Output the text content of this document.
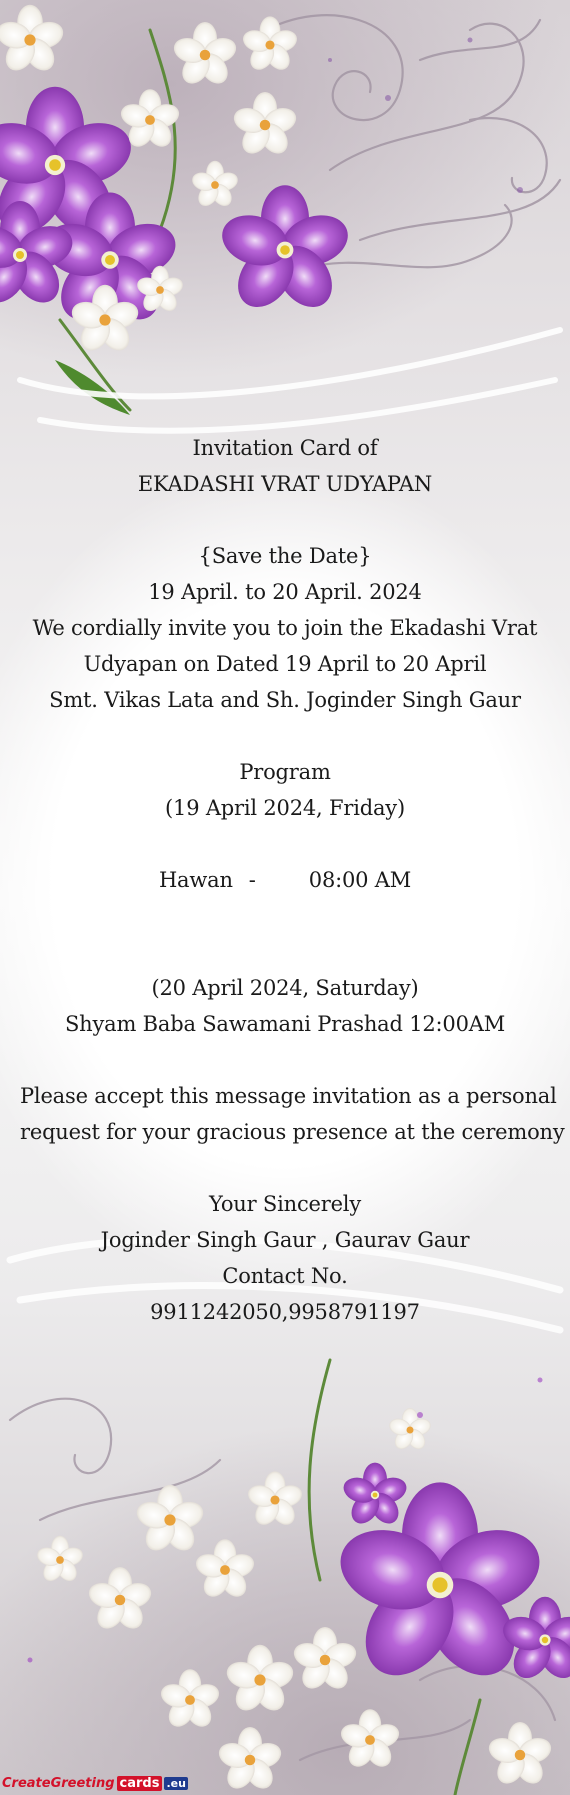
Invitation Card of
EKADASHI VRAT UDYAPAN
{Save the Date}
19 April. to 20 April. 2024
We cordially invite you to join the Ekadashi Vrat
Udyapan on Dated 19 April to 20 April
Smt. Vikas Lata and Sh. Joginder Singh Gaur
Program
(19 April 2024, Friday)
Hawan -	08:00 AM
(20 April 2024, Saturday)
Shyam Baba Sawamani Prashad 12:00AM
Please accept this message invitation as a personal
request for your gracious presence at the ceremony
Your Sincerely
Joginder Singh Gaur , Gaurav Gaur
Contact No.
9911242050,9958791197
CreateGreeting cards .eu
